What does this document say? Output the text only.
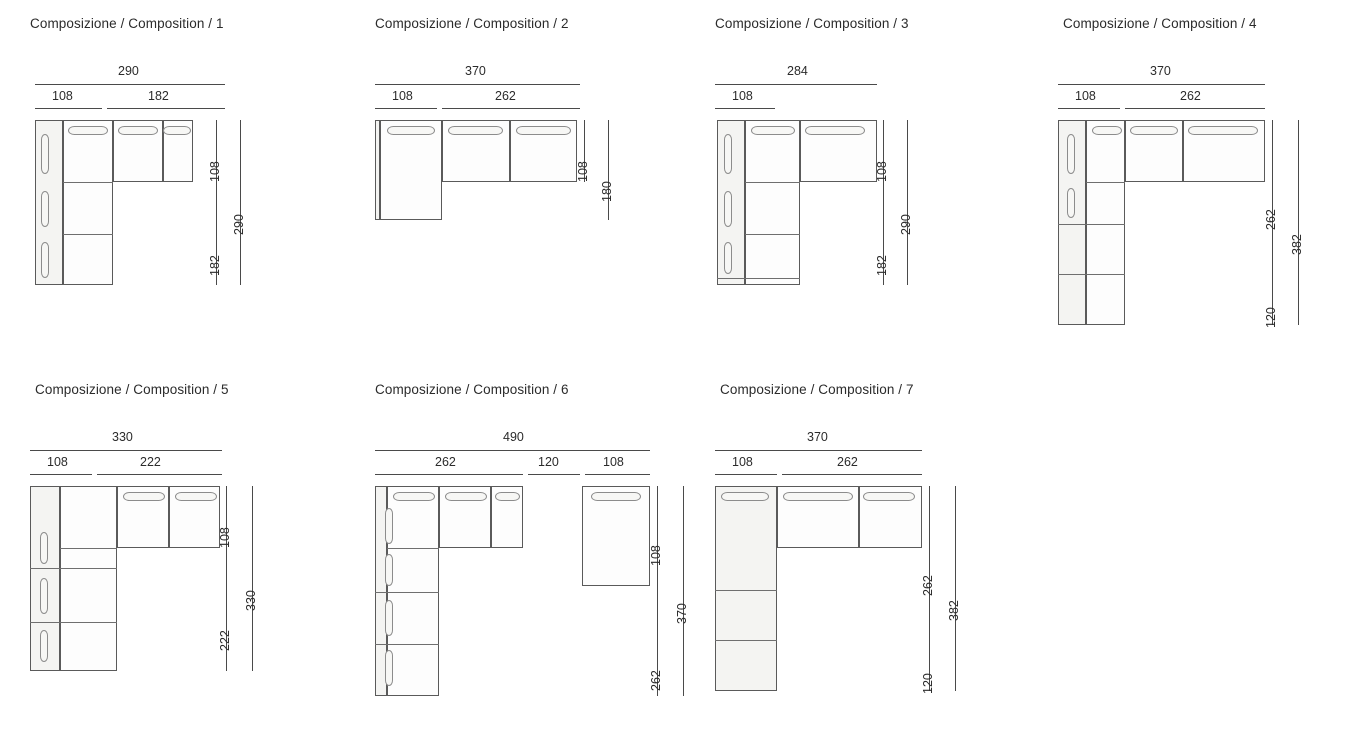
Composizione / Composition / 1
290
108	182
108
182
290
Composizione / Composition / 2
370
108	262
108
180
Composizione / Composition / 3
284
108
108
182
290
Composizione / Composition / 4
370
108	262
262
120
382
Composizione / Composition / 5
330
108	222
108
222
330
Composizione / Composition / 6
490
262	120	108
108
262
370
Composizione / Composition / 7
370
108	262
262
120
382
